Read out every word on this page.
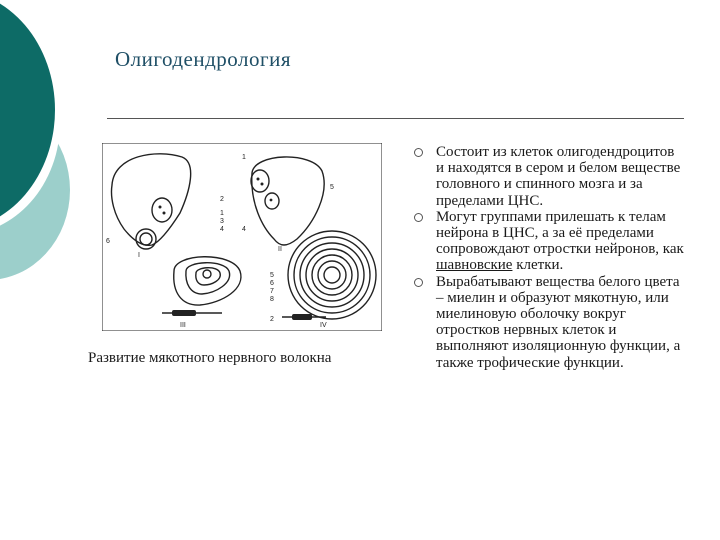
Олигодендрология
1
2
3
4
5
6
1
2
4
5
6
7
8
I
II
III	IV
Развитие мякотного нервного волокна
Состоит из клеток олигодендроцитов и находятся в сером и белом веществе головного и спинного мозга и за пределами ЦНС.
Могут группами прилешать к телам нейрона в ЦНС, а за её пределами сопровождают отростки нейронов, как шавновские клетки.
Вырабатывают вещества белого цвета – миелин и образуют мякотную, или миелиновую оболочку вокруг отростков нервных клеток и выполняют изоляционную функции, а также трофические функции.
